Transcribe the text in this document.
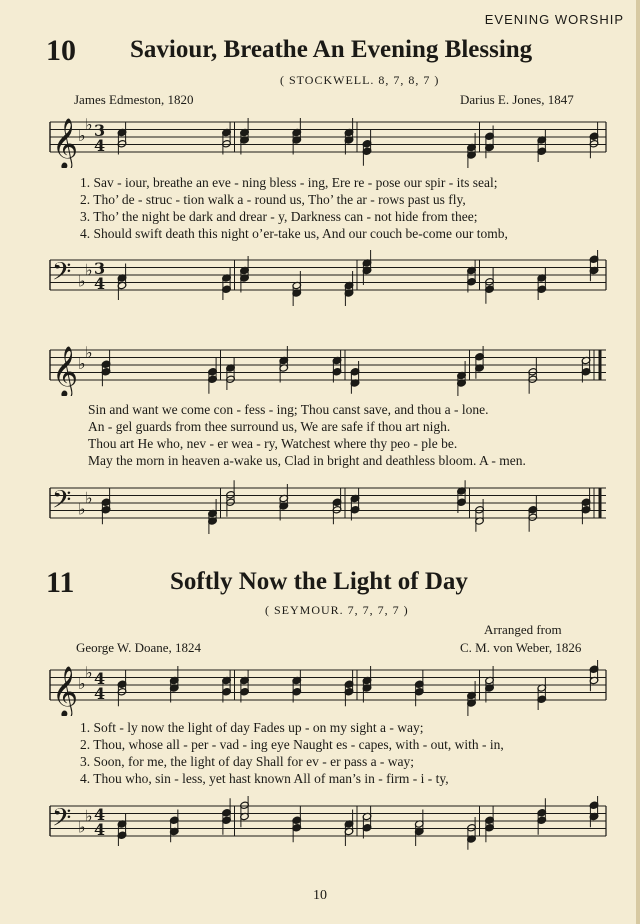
EVENING WORSHIP
10 Saviour, Breathe An Evening Blessing
( STOCKWELL. 8, 7, 8, 7 )
James Edmeston, 1820	Darius E. Jones, 1847
𝄞 ♭
♭ 3
4
1. Sav - iour, breathe an eve - ning bless - ing, Ere re - pose our spir - its seal;
2. Tho’ de - struc - tion walk a - round us, Tho’ the ar - rows past us fly,
3. Tho’ the night be dark and drear - y, Darkness can - not hide from thee;
4. Should swift death this night o’er-take us, And our couch be-come our tomb,
𝄢 ♭
♭ 3
4
𝄞 ♭
♭
Sin and want we come con - fess - ing; Thou canst save, and thou a - lone.
An - gel guards from thee surround us, We are safe if thou art nigh.
Thou art He who, nev - er wea - ry, Watchest where thy peo - ple be.
May the morn in heaven a-wake us, Clad in bright and deathless bloom. A - men.
𝄢 ♭
♭
11	Softly Now the Light of Day
( SEYMOUR. 7, 7, 7, 7 )
Arranged from
George W. Doane, 1824	C. M. von Weber, 1826
𝄞 ♭
♭ 4
4
1. Soft - ly now the light of day Fades up - on my sight a - way;
2. Thou, whose all - per - vad - ing eye Naught es - capes, with - out, with - in,
3. Soon, for me, the light of day Shall for ev - er pass a - way;
4. Thou who, sin - less, yet hast known All of man’s in - firm - i - ty,
𝄢 ♭
♭ 4
4
10
